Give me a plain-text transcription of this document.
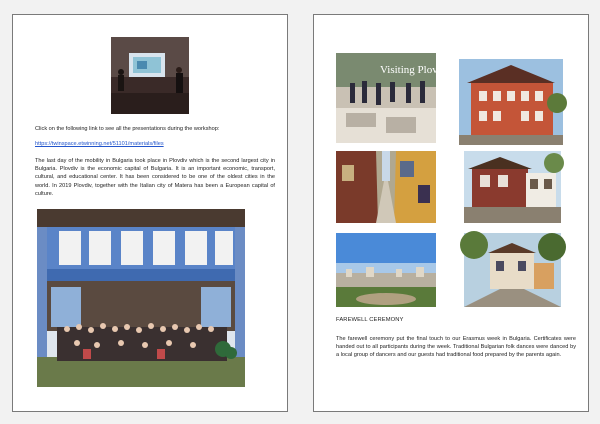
Click on the following link to see all the presentations during the workshop:
https://twinspace.etwinning.net/51101/materials/files
The last day of the mobility in Bulgaria took place in Plovdiv which is the second largest city in Bulgaria. Plovdiv is the economic capital of Bulgaria. It is an important economic, transport, cultural, and educational center. It has been considered to be one of the oldest cities in the world. In 2019 Plovdiv, together with the Italian city of Matera has been a European capital of culture.
Visiting Plovdiv
FAREWELL CEREMONY
The farewell ceremony put the final touch to our Erasmus week in Bulgaria. Certificates were handed out to all participants during the week. Traditional Bulgarian folk dances were danced by a local group of dancers and our guests had traditional food prepared by the parents again.
